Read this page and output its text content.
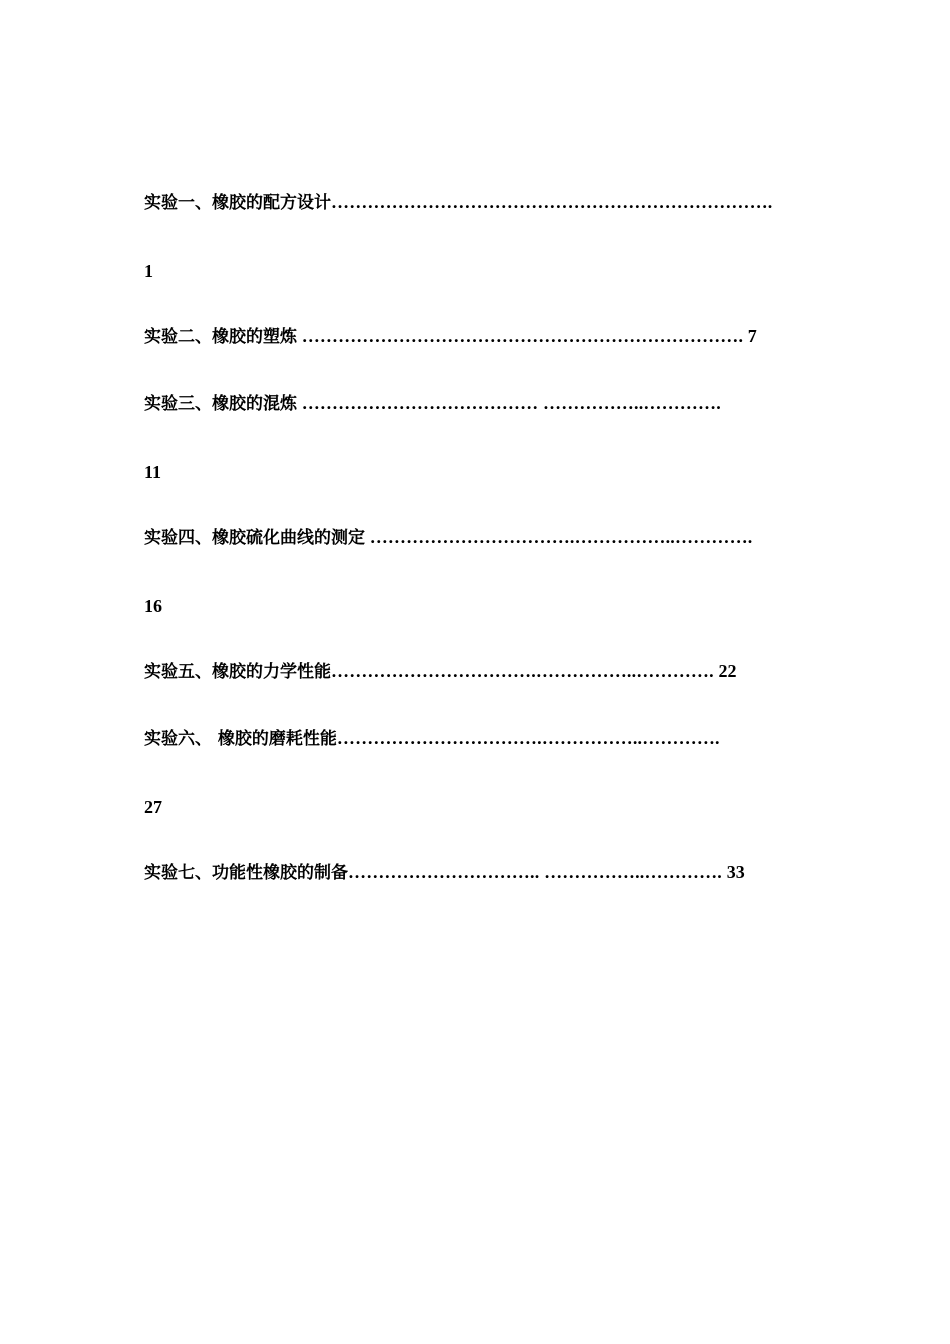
实验一、橡胶的配方设计……………………………………………………………….
1
实验二、橡胶的塑炼 ………………………………………………………………. 7
实验三、橡胶的混炼 ………………………………… ……………..………….
11
实验四、橡胶硫化曲线的测定 …………………………….……………..………….
16
实验五、橡胶的力学性能…………………………….……………..…………. 22
实验六、 橡胶的磨耗性能…………………………….……………..………….
27
实验七、功能性橡胶的制备………………………….. ……………..…………. 33
